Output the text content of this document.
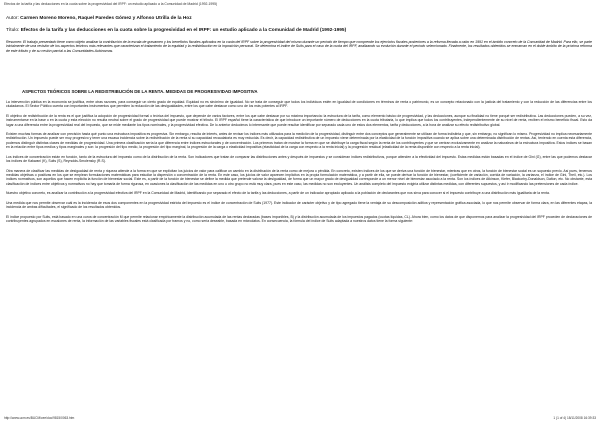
Efectos de la tarifa y las deducciones en la cuota sobre la progresividad del IRPF: un estudio aplicado a la Comunidad de Madrid (1992-1995)
Autor: Carmen Moreno Moreno, Raquel Paredes Gómez y Alfonso Utrilla de la Hoz
Título: Efectos de la tarifa y las deducciones en la cuota sobre la progresividad en el IRPF: un estudio aplicado a la Comunidad de Madrid (1992-1995)
Resumen: El trabajo presentado tiene como objeto analizar la contribución de la escala de gravamen y los beneficios fiscales aplicados en la cuota del IRPF sobre la progresividad del mismo durante un período de tiempo que comprende los ejercicios fiscales posteriores a la reforma llevada a cabo en 1991 en el ámbito concreto de la Comunidad de Madrid. Para ello, se parte inicialmente de una revisión de los aspectos teóricos más relevantes que caracterizan el tratamiento de la equidad y la redistribución en la imposición personal. Se determina el índice de Suits para el caso de la cuota del IRPF, analizando su evolución durante el período seleccionado. Finalmente, los resultados obtenidos se enmarcan en el doble ámbito de la próxima reforma de este tributo y de su cesión parcial a las Comunidades Autónomas.
ASPECTOS TEÓRICOS SOBRE LA REDISTRIBUCIÓN DE LA RENTA. MEDIDAS DE PROGRESIVIDAD IMPOSITIVA

La intervención pública en la economía se justifica, entre otras razones, para conseguir un cierto grado de equidad. Equidad no es sinónimo de igualdad. No se trata de conseguir que todos los individuos estén en igualdad de condiciones en términos de renta o patrimonio, es un concepto relacionado con la justicia del tratamiento y con la reducción de las diferencias entre los ciudadanos. El Sector Público cuenta con importantes instrumentos que permiten la reducción de las desigualdades, entre los que cabe destacar como uno de los más potentes al IRPF.

El objetivo de redistribución de la renta es el que justifica la adopción de progresividad formal o teórica del impuesto, que depende de varios factores, entre los que cabe destacar por su máxima importancia: la estructura de la tarifa, como elemento básico de progresividad, y las deducciones, aunque su finalidad no tiene porqué ser redistributiva. Las deducciones pueden, a su vez, instrumentarse en la base o en la cuota y esta elección no resulta neutral sobre el grado de progresividad que puede mostrar el tributo. El IRPF español tiene la característica de que introduce un importante número de deducciones en la cuota tributaria, lo que implica que todos los contribuyentes, independientemente de su nivel de renta, reciben el mismo beneficio fiscal. Esto da lugar a una diferencia entre la progresividad real del impuesto, que se mide mediante los tipos nominales, y la progresividad efectiva. De lo anterior deducimos lo interesante que puede resultar identificar por separado cada uno de estos dos elementos, tarifa y deducciones, a la hora de analizar su efecto redistributivo global.

Existen muchas formas de analizar con precisión hasta qué punto una estructura impositiva es progresiva. Sin embargo, resulta de interés, antes de revisar los índices más utilizados para la medición de la progresividad, distinguir entre dos conceptos que generalmente se utilizan de forma indistinta y que, sin embargo, no significan lo mismo. Progresividad no implica necesariamente redistribución. Un impuesto puede ser muy progresivo y tener una escasa incidencia sobre la redistribución de la renta si su capacidad recaudatoria es muy reducida. Es decir, la capacidad redistributiva de un impuesto viene determinada por la elasticidad de la función impositiva cuando se aplica sobre una determinada distribución de rentas. Así, teniendo en cuenta esta diferencia, podemos distinguir distintas clases de medidas de progresividad. Una primera clasificación sería la que diferencia entre índices estructurales y de concentración. Los primeros tratan de mostrar la forma en que se distribuye la carga fiscal según la renta de los contribuyentes y que se centran exclusivamente en analizar la naturaleza de la estructura impositiva. Estos índices se basan en la relación entre tipos medios y tipos marginales y son: la progresión del tipo medio, la progresión del tipo marginal, la progresión de la carga o elasticidad impositiva (elasticidad de la carga con respecto a la renta inicial) y la progresión residual (elasticidad de la renta disponible con respecto a la renta inicial).

Los índices de concentración están en función, tanto de la estructura del impuesto como de la distribución de la renta. Son indicadores que tratan de comparar las distribuciones antes y después de impuestos y se consideran índices redistributivos, porque atienden a la efectividad del impuesto. Estas medidas están basadas en el índice de Gini (G), entre las que podemos destacar los índices de Kakwani (K), Suits (S), Reynolds-Smolensky (R-S).

Otra manera de clasificar las medidas de desigualdad de renta y riqueza atiende a la forma en que se explicitan los juicios de valor para calificar un cambio en la distribución de la renta como de mejora o pérdida. En concreto, existen índices de los que se deriva una función de bienestar, mientras que en otros, la función de bienestar social es un supuesto previo. Así pues, tenemos medidas objetivas o positivas en los que se emplean formulaciones matemáticas para estudiar la dispersión o concentración de la renta. En este caso, los juicios de valor aparecen implícitos en la propia formulación matemática, y a partir de ella, se puede derivar la función de bienestar, (coeficiente de variación, corrida de variación, la varianza, el índice de Gini, Theil, etc.). Los índices normativos, son aquellos que hacen explícita la función de bienestar social. Este es, a partir de la función de bienestar se define la medida que pretende valorar la desigualdad, de forma que un mayor grado de desigualdad corresponde a un menor nivel de bienestar asociado a la renta. Son los índices de Atkinson, Kiefer, Blackorby-Donaldson, Dalton, etc. No obstante, esta clasificación de índices entre objetivos y normativos no hay que tomarla de forma rigurosa, en ocasiones la clasificación de las medidas en uno u otro grupo no está muy clara, pues en este caso, las medidas no son excluyentes. Un análisis completo del impuesto exigiría utilizar distintas medidas, con diferentes supuestos, y así ir modificando las pretensiones de cada índice.

Nuestro objetivo concreto, es analizar la contribución a la progresividad efectiva del IRPF en la Comunidad de Madrid, identificando por separado el efecto de la tarifa y las deducciones, a partir de un indicador apropiado aplicado a la población de declarantes que nos sirva para conocer si el impuesto contribuye a una distribución más igualitaria de la renta.

Una medida que nos permite observar cuál es la incidencia de esos dos componentes en la progresividad estricta del impuesto es el índice de concentración de Suits (1977). Este indicador de carácter objetivo y de tipo agregado tiene la ventaja de su descomposición aditiva y representación gráfica asociada, lo que nos permite observar de forma clara, en las diferentes etapas, la incidencia de ambas dificultades, el significado de los resultados obtenidos.

El índice propuesto por Suits, está basado en una curva de concentración M que permite relacionar empíricamente la distribución acumulada de las rentas declaradas (bases imponibles, B) y la distribución acumulada de los impuestos pagados (cuotas líquidas, CL). Ahora bien, como los datos de que disponemos para analizar la progresividad del IRPF proceden de declaraciones de contribuyentes agrupados en escalones de renta, la información de las variables fiscales está clasificada por tramos y no, como sería deseable, basada en microdatos. En consecuencia, la fórmula del índice de Suits adaptada a nuestros datos tiene la forma siguiente:

http://www.ucm.es/BUCM/cee/doc/9815/0063.htm	1 (1 of 4) 18/11/2008 16:39:33
